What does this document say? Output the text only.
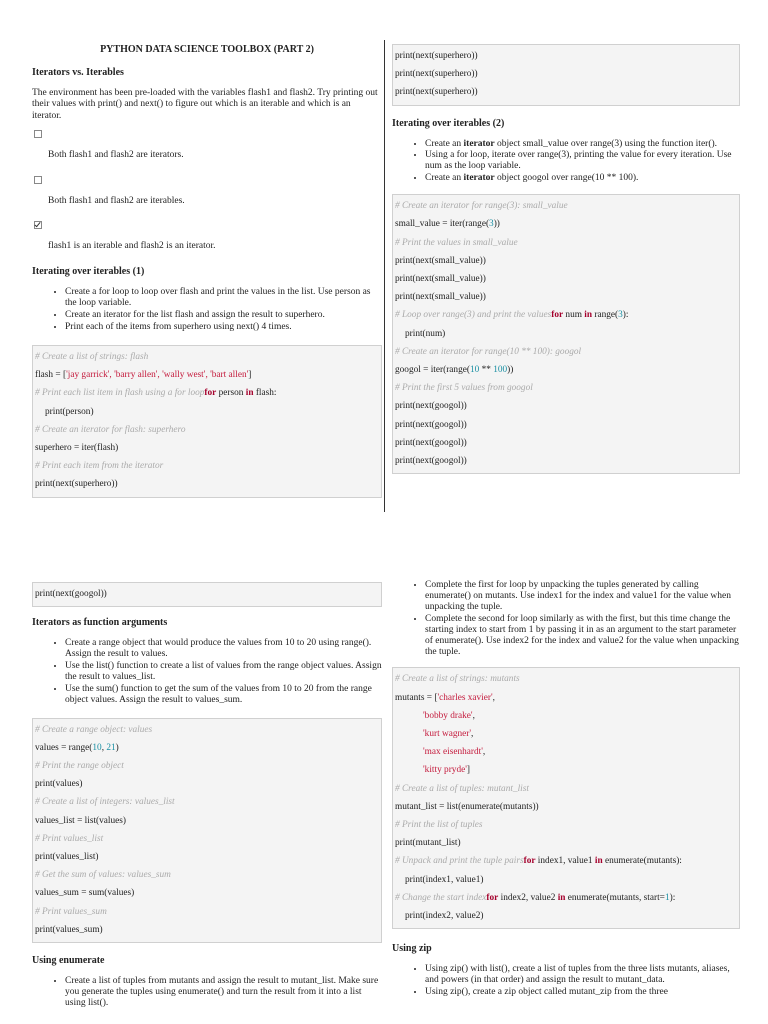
PYTHON DATA SCIENCE TOOLBOX (PART 2)
Iterators vs. Iterables

The environment has been pre-loaded with the variables flash1 and flash2. Try printing out their values with print() and next() to figure out which is an iterable and which is an iterator.

Both flash1 and flash2 are iterators.
Both flash1 and flash2 are iterables.
flash1 is an iterable and flash2 is an iterator.
Iterating over iterables (1)
• Create a for loop to loop over flash and print the values in the list. Use person as the loop variable.
• Create an iterator for the list flash and assign the result to superhero.
• Print each of the items from superhero using next() 4 times.
# Create a list of strings: flash
flash = ['jay garrick', 'barry allen', 'wally west', 'bart allen']
# Print each list item in flash using a for loopfor person in flash:
print(person)
# Create an iterator for flash: superhero
superhero = iter(flash)
# Print each item from the iterator
print(next(superhero))
print(next(superhero))
print(next(superhero))
print(next(superhero))
Iterating over iterables (2)
• Create an iterator object small_value over range(3) using the function iter().
• Using a for loop, iterate over range(3), printing the value for every iteration. Use num as the loop variable.
• Create an iterator object googol over range(10 ** 100).
# Create an iterator for range(3): small_value
small_value = iter(range(3))
# Print the values in small_value
print(next(small_value))
print(next(small_value))
print(next(small_value))
# Loop over range(3) and print the valuesfor num in range(3):
print(num)
# Create an iterator for range(10 ** 100): googol
googol = iter(range(10 ** 100))
# Print the first 5 values from googol
print(next(googol))
print(next(googol))
print(next(googol))
print(next(googol))
print(next(googol))
Iterators as function arguments
• Create a range object that would produce the values from 10 to 20 using range(). Assign the result to values.
• Use the list() function to create a list of values from the range object values. Assign the result to values_list.
• Use the sum() function to get the sum of the values from 10 to 20 from the range object values. Assign the result to values_sum.
# Create a range object: values
values = range(10, 21)
# Print the range object
print(values)
# Create a list of integers: values_list
values_list = list(values)
# Print values_list
print(values_list)
# Get the sum of values: values_sum
values_sum = sum(values)
# Print values_sum
print(values_sum)
Using enumerate
• Create a list of tuples from mutants and assign the result to mutant_list. Make sure you generate the tuples using enumerate() and turn the result from it into a list using list().
• Complete the first for loop by unpacking the tuples generated by calling enumerate() on mutants. Use index1 for the index and value1 for the value when unpacking the tuple.
• Complete the second for loop similarly as with the first, but this time change the starting index to start from 1 by passing it in as an argument to the start parameter of enumerate(). Use index2 for the index and value2 for the value when unpacking the tuple.
# Create a list of strings: mutants
mutants = ['charles xavier',
'bobby drake',
'kurt wagner',
'max eisenhardt',
'kitty pryde']
# Create a list of tuples: mutant_list
mutant_list = list(enumerate(mutants))
# Print the list of tuples
print(mutant_list)
# Unpack and print the tuple pairsfor index1, value1 in enumerate(mutants):
print(index1, value1)
# Change the start indexfor index2, value2 in enumerate(mutants, start=1):
print(index2, value2)
Using zip
• Using zip() with list(), create a list of tuples from the three lists mutants, aliases, and powers (in that order) and assign the result to mutant_data.
• Using zip(), create a zip object called mutant_zip from the three
